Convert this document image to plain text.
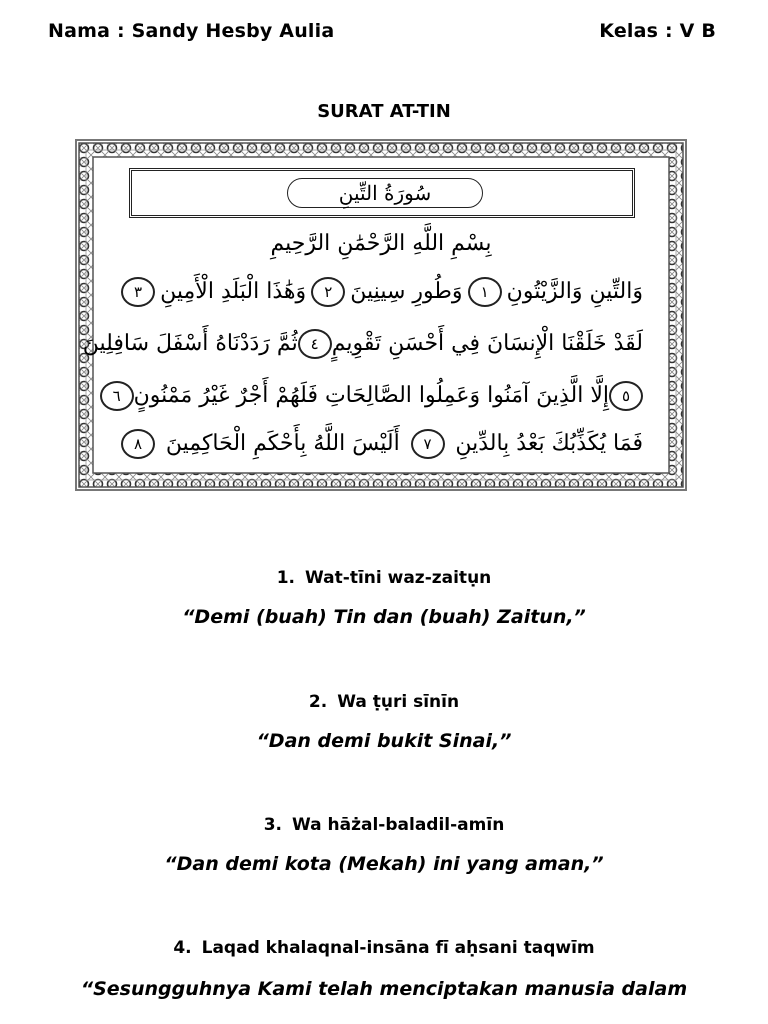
Nama : Sandy Hesby Aulia	Kelas : V B
SURAT AT-TIN
سُورَةُ التِّينِ
بِسْمِ اللَّهِ الرَّحْمَٰنِ الرَّحِيمِ
وَالتِّينِ وَالزَّيْتُونِ
١
وَطُورِ سِينِينَ
٢
وَهَٰذَا الْبَلَدِ الْأَمِينِ
٣
لَقَدْ خَلَقْنَا الْإِنسَانَ فِي أَحْسَنِ تَقْوِيمٍ
٤
ثُمَّ رَدَدْنَاهُ أَسْفَلَ سَافِلِينَ
٥
إِلَّا الَّذِينَ آمَنُوا وَعَمِلُوا الصَّالِحَاتِ فَلَهُمْ أَجْرٌ غَيْرُ مَمْنُونٍ
٦
فَمَا يُكَذِّبُكَ بَعْدُ بِالدِّينِ
٧
أَلَيْسَ اللَّهُ بِأَحْكَمِ الْحَاكِمِينَ
٨
1. Wat-tīni waz-zaitụn
“Demi (buah) Tin dan (buah) Zaitun,”
2. Wa ṭụri sīnīn
“Dan demi bukit Sinai,”
3. Wa hāżal-baladil-amīn
“Dan demi kota (Mekah) ini yang aman,”
4. Laqad khalaqnal-insāna fī aḥsani taqwīm
“Sesungguhnya Kami telah menciptakan manusia dalam
